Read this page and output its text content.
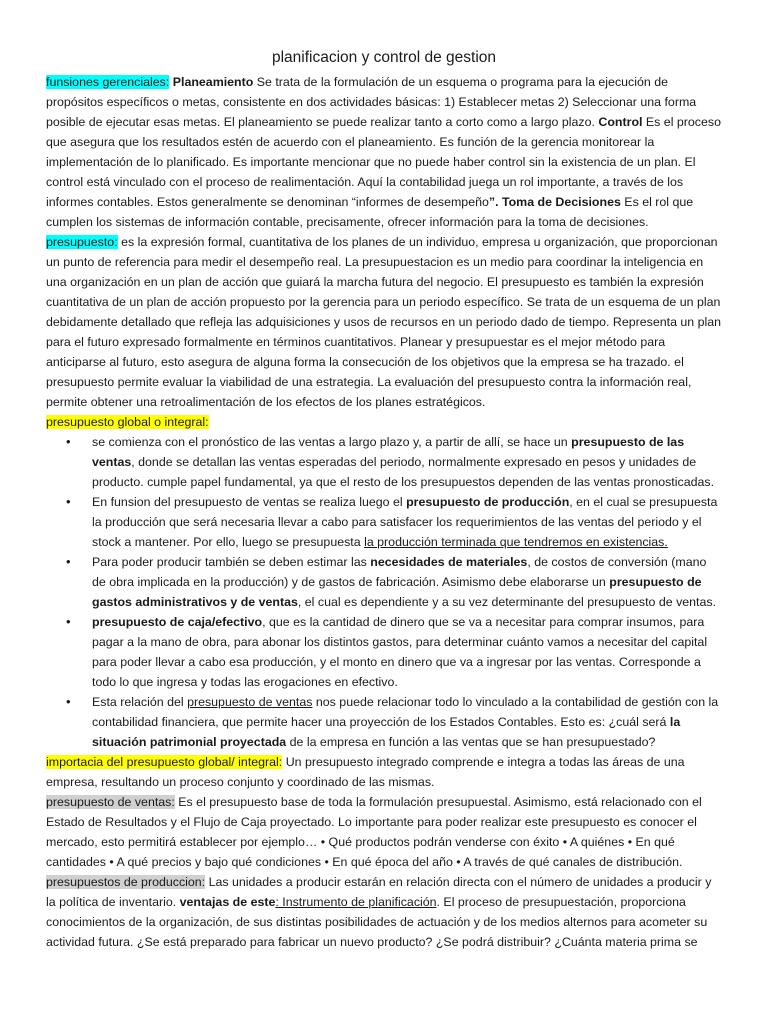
planificacion y control de gestion

funsiones gerenciales: Planeamiento Se trata de la formulación de un esquema o programa para la ejecución de propósitos específicos o metas, consistente en dos actividades básicas: 1) Establecer metas 2) Seleccionar una forma posible de ejecutar esas metas. El planeamiento se puede realizar tanto a corto como a largo plazo. Control Es el proceso que asegura que los resultados estén de acuerdo con el planeamiento. Es función de la gerencia monitorear la implementación de lo planificado. Es importante mencionar que no puede haber control sin la existencia de un plan. El control está vinculado con el proceso de realimentación. Aquí la contabilidad juega un rol importante, a través de los informes contables. Estos generalmente se denominan “informes de desempeño”. Toma de Decisiones Es el rol que cumplen los sistemas de información contable, precisamente, ofrecer información para la toma de decisiones.

presupuesto: es la expresión formal, cuantitativa de los planes de un individuo, empresa u organización, que proporcionan un punto de referencia para medir el desempeño real. La presupuestacion es un medio para coordinar la inteligencia en una organización en un plan de acción que guiará la marcha futura del negocio. El presupuesto es también la expresión cuantitativa de un plan de acción propuesto por la gerencia para un periodo específico. Se trata de un esquema de un plan debidamente detallado que refleja las adquisiciones y usos de recursos en un periodo dado de tiempo. Representa un plan para el futuro expresado formalmente en términos cuantitativos. Planear y presupuestar es el mejor método para anticiparse al futuro, esto asegura de alguna forma la consecución de los objetivos que la empresa se ha trazado. el presupuesto permite evaluar la viabilidad de una estrategia. La evaluación del presupuesto contra la información real, permite obtener una retroalimentación de los efectos de los planes estratégicos.

presupuesto global o integral:

• se comienza con el pronóstico de las ventas a largo plazo y, a partir de allí, se hace un presupuesto de las ventas, donde se detallan las ventas esperadas del periodo, normalmente expresado en pesos y unidades de producto. cumple papel fundamental, ya que el resto de los presupuestos dependen de las ventas pronosticadas.
• En funsion del presupuesto de ventas se realiza luego el presupuesto de producción, en el cual se presupuesta la producción que será necesaria llevar a cabo para satisfacer los requerimientos de las ventas del periodo y el stock a mantener. Por ello, luego se presupuesta la producción terminada que tendremos en existencias.
• Para poder producir también se deben estimar las necesidades de materiales, de costos de conversión (mano de obra implicada en la producción) y de gastos de fabricación. Asimismo debe elaborarse un presupuesto de gastos administrativos y de ventas, el cual es dependiente y a su vez determinante del presupuesto de ventas.
• presupuesto de caja/efectivo, que es la cantidad de dinero que se va a necesitar para comprar insumos, para pagar a la mano de obra, para abonar los distintos gastos, para determinar cuánto vamos a necesitar del capital para poder llevar a cabo esa producción, y el monto en dinero que va a ingresar por las ventas. Corresponde a todo lo que ingresa y todas las erogaciones en efectivo.
• Esta relación del presupuesto de ventas nos puede relacionar todo lo vinculado a la contabilidad de gestión con la contabilidad financiera, que permite hacer una proyección de los Estados Contables. Esto es: ¿cuál será la situación patrimonial proyectada de la empresa en función a las ventas que se han presupuestado?

importacia del presupuesto global/ integral: Un presupuesto integrado comprende e integra a todas las áreas de una empresa, resultando un proceso conjunto y coordinado de las mismas.

presupuesto de ventas: Es el presupuesto base de toda la formulación presupuestal. Asimismo, está relacionado con el Estado de Resultados y el Flujo de Caja proyectado. Lo importante para poder realizar este presupuesto es conocer el mercado, esto permitirá establecer por ejemplo… • Qué productos podrán venderse con éxito • A quiénes • En qué cantidades • A qué precios y bajo qué condiciones • En qué época del año • A través de qué canales de distribución.

presupuestos de produccion: Las unidades a producir estarán en relación directa con el número de unidades a producir y la política de inventario. ventajas de este: Instrumento de planificación. El proceso de presupuestación, proporciona conocimientos de la organización, de sus distintas posibilidades de actuación y de los medios alternos para acometer su actividad futura. ¿Se está preparado para fabricar un nuevo producto? ¿Se podrá distribuir? ¿Cuánta materia prima se
